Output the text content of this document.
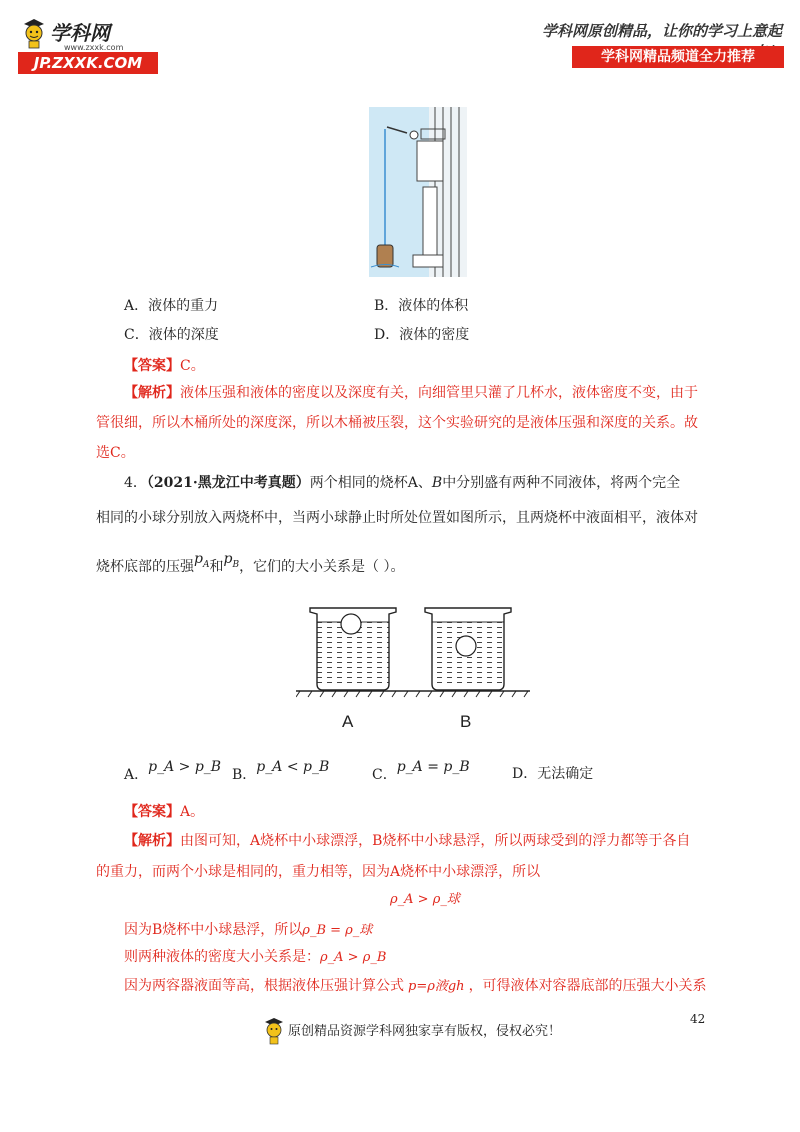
学科网
www.zxxk.com
JP.ZXXK.COM
学科网原创精品，让你的学习上意起
学科网精品频道全力推荐
A．液体的重力	B．液体的体积
C．液体的深度	D．液体的密度
【答案】C。
【解析】液体压强和液体的密度以及深度有关，向细管里只灌了几杯水，液体密度不变，由于
管很细，所以木桶所处的深度深，所以木桶被压裂，这个实验研究的是液体压强和深度的关系。故
选C。
4．（2021·黑龙江中考真题）两个相同的烧杯A、B中分别盛有两种不同液体，将两个完全
相同的小球分别放入两烧杯中，当两小球静止时所处位置如图所示，且两烧杯中液面相平，液体对
烧杯底部的压强$p_A$和$p_B$，它们的大小关系是（ ）。
A	B
A．p_A > p_B B．p_A < p_B	C．p_A = p_B	D．无法确定
【答案】A。
【解析】由图可知，A烧杯中小球漂浮，B烧杯中小球悬浮，所以两球受到的浮力都等于各自
的重力，而两个小球是相同的，重力相等，因为A烧杯中小球漂浮，所以
ρ_A > ρ_球
因为B烧杯中小球悬浮，所以ρ_B = ρ_球
则两种液体的密度大小关系是：ρ_A > ρ_B
因为两容器液面等高，根据液体压强计算公式 p=ρ液gh ，可得液体对容器底部的压强大小关系
42
原创精品资源学科网独家享有版权，侵权必究！
